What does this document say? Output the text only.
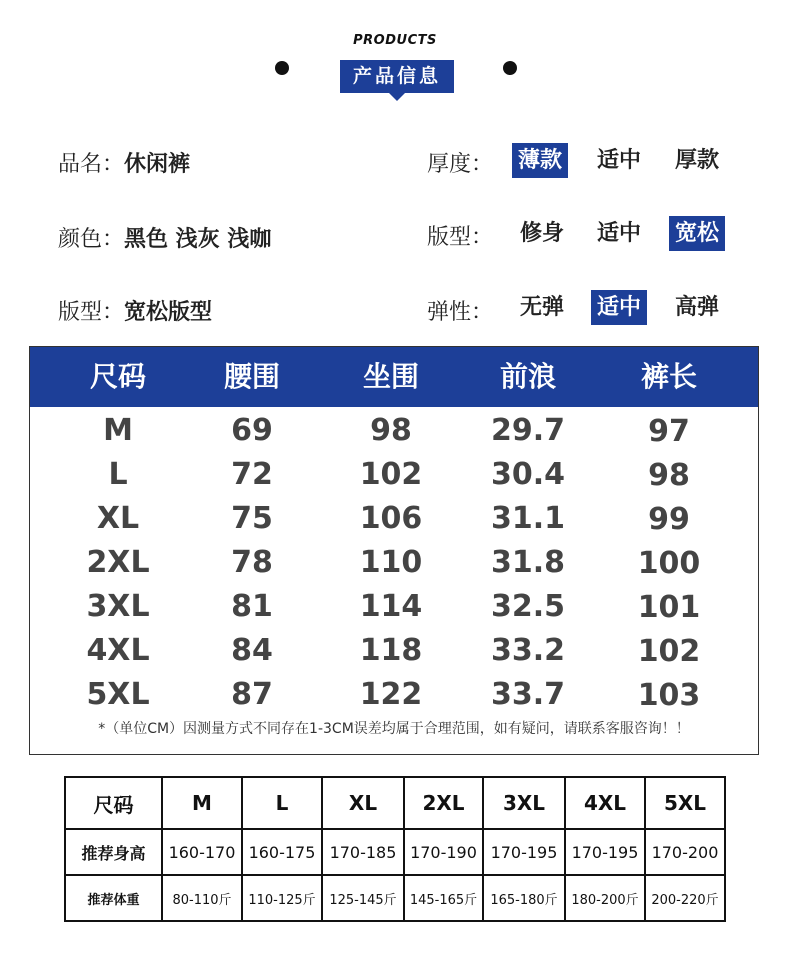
PRODUCTS
产品信息
品名：休闲裤
颜色：黑色 浅灰 浅咖
版型：宽松版型
厚度： 薄款 适中 厚款
版型： 修身 适中 宽松
弹性： 无弹 适中 高弹
尺码	腰围	坐围	前浪	裤长
M	69	98	29.7	97
L	72	102	30.4	98
XL	75	106	31.1	99
2XL	78	110	31.8	100
3XL	81	114	32.5	101
4XL	84	118	33.2	102
5XL	87	122	33.7	103
*（单位CM）因测量方式不同存在1-3CM误差均属于合理范围，如有疑问，请联系客服咨询！！
尺码	M	L	XL	2XL	3XL	4XL	5XL
推荐身高	160-170	160-175	170-185	170-190	170-195	170-195	170-200
推荐体重	80-110斤	110-125斤	125-145斤	145-165斤	165-180斤	180-200斤	200-220斤
